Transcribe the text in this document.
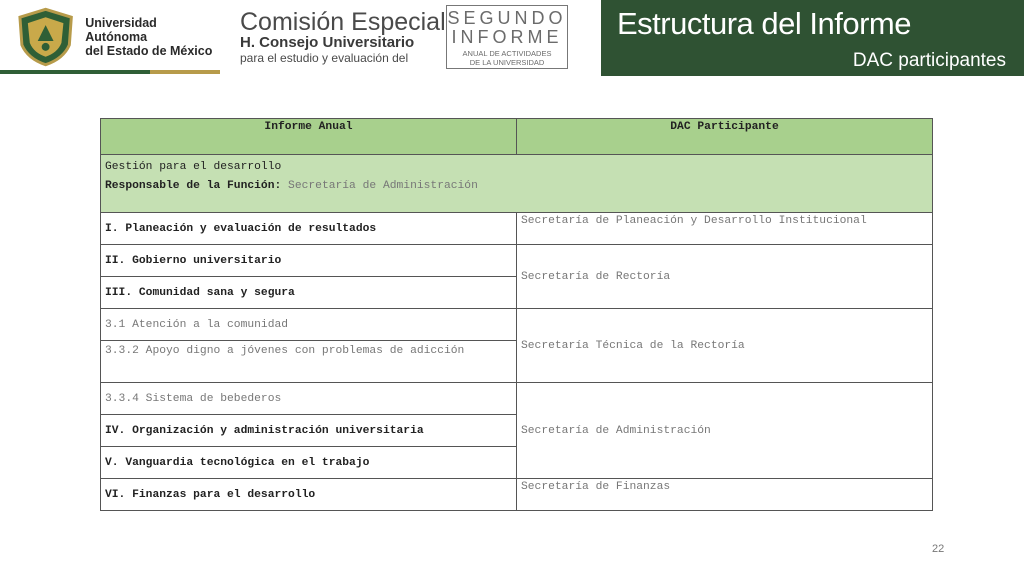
Universidad Autónoma
del Estado de México
Comisión Especial
H. Consejo Universitario
para el estudio y evaluación del
SEGUNDO
INFORME
ANUAL DE ACTIVIDADES
DE LA UNIVERSIDAD
Estructura del Informe
DAC participantes
Informe Anual	DAC Participante
Gestión para el desarrollo
Responsable de la Función: Secretaría de Administración	
I. Planeación y evaluación de resultados	Secretaría de Planeación y Desarrollo Institucional
II. Gobierno universitario	Secretaría de Rectoría
III. Comunidad sana y segura	
3.1 Atención a la comunidad	Secretaría Técnica de la Rectoría
3.3.2 Apoyo digno a jóvenes con problemas de adicción	
3.3.4 Sistema de bebederos	Secretaría de Administración
IV. Organización y administración universitaria	
V. Vanguardia tecnológica en el trabajo	
VI. Finanzas para el desarrollo	Secretaría de Finanzas
22
